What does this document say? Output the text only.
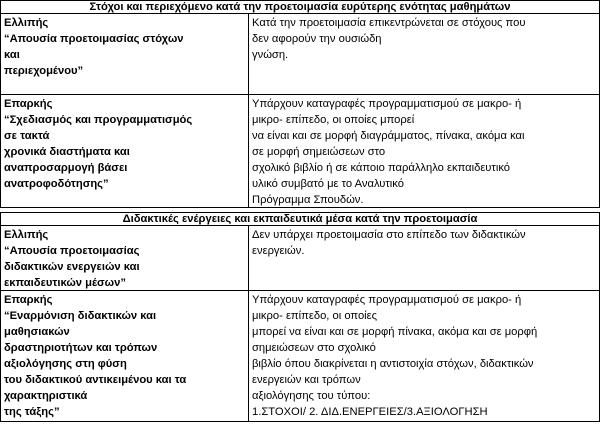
Στόχοι και περιεχόμενο κατά την προετοιμασία ευρύτερης ενότητας μαθημάτων
Ελλιπής
“Απουσία προετοιμασίας στόχων
και
περιεχομένου”
Κατά την προετοιμασία επικεντρώνεται σε στόχους που
δεν αφορούν την ουσιώδη
γνώση.
Επαρκής
“Σχεδιασμός και προγραμματισμός
σε τακτά
χρονικά διαστήματα και
αναπροσαρμογή βάσει
ανατροφοδότησης”
Υπάρχουν καταγραφές προγραμματισμού σε μακρο- ή
μικρο- επίπεδο, οι οποίες μπορεί
να είναι και σε μορφή διαγράμματος, πίνακα, ακόμα και
σε μορφή σημειώσεων στο
σχολικό βιβλίο ή σε κάποιο παράλληλο εκπαιδευτικό
υλικό συμβατό με το Αναλυτικό
Πρόγραμμα Σπουδών.
Διδακτικές ενέργειες και εκπαιδευτικά μέσα κατά την προετοιμασία
Ελλιπής
“Απουσία προετοιμασίας
διδακτικών ενεργειών και
εκπαιδευτικών μέσων”
Δεν υπάρχει προετοιμασία στο επίπεδο των διδακτικών
ενεργειών.
Επαρκής
“Εναρμόνιση διδακτικών και
μαθησιακών
δραστηριοτήτων και τρόπων
αξιολόγησης στη φύση
του διδακτικού αντικειμένου και τα
χαρακτηριστικά
της τάξης”
Υπάρχουν καταγραφές προγραμματισμού σε μακρο- ή
μικρο- επίπεδο, οι οποίες
μπορεί να είναι και σε μορφή πίνακα, ακόμα και σε μορφή
σημειώσεων στο σχολικό
βιβλίο όπου διακρίνεται η αντιστοιχία στόχων, διδακτικών
ενεργειών και τρόπων
αξιολόγησης του τύπου:
1.ΣΤΟΧΟΙ/ 2. ΔΙΔ.ΕΝΕΡΓΕΙΕΣ/3.ΑΞΙΟΛΟΓΗΣΗ
